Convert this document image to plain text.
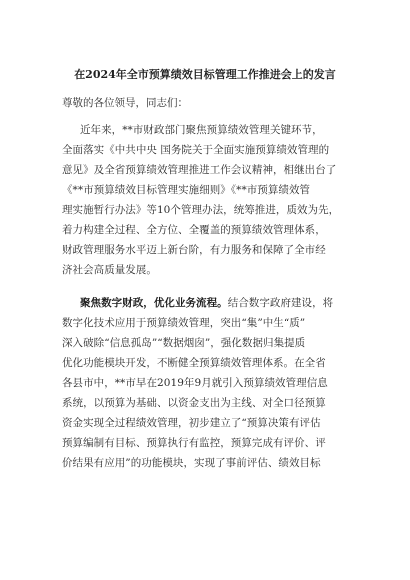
在2024年全市预算绩效目标管理工作推进会上的发言
尊敬的各位领导，同志们：
近年来，**市财政部门聚焦预算绩效管理关键环节，
全面落实《中共中央 国务院关于全面实施预算绩效管理的
意见》及全省预算绩效管理推进工作会议精神，相继出台了
《**市预算绩效目标管理实施细则》《**市预算绩效管
理实施暂行办法》等10个管理办法，统筹推进，质效为先，
着力构建全过程、全方位、全覆盖的预算绩效管理体系，
财政管理服务水平迈上新台阶，有力服务和保障了全市经
济社会高质量发展。
聚焦数字财政，优化业务流程。结合数字政府建设，将
数字化技术应用于预算绩效管理，突出“集”中生“质”
深入破除“信息孤岛”“数据烟囱”，强化数据归集提质
优化功能模块开发，不断健全预算绩效管理体系。在全省
各县市中，**市早在2019年9月就引入预算绩效管理信息
系统，以预算为基础、以资金支出为主线、对全口径预算
资金实现全过程绩效管理，初步建立了“预算决策有评估
预算编制有目标、预算执行有监控，预算完成有评价、评
价结果有应用”的功能模块，实现了事前评估、绩效目标
